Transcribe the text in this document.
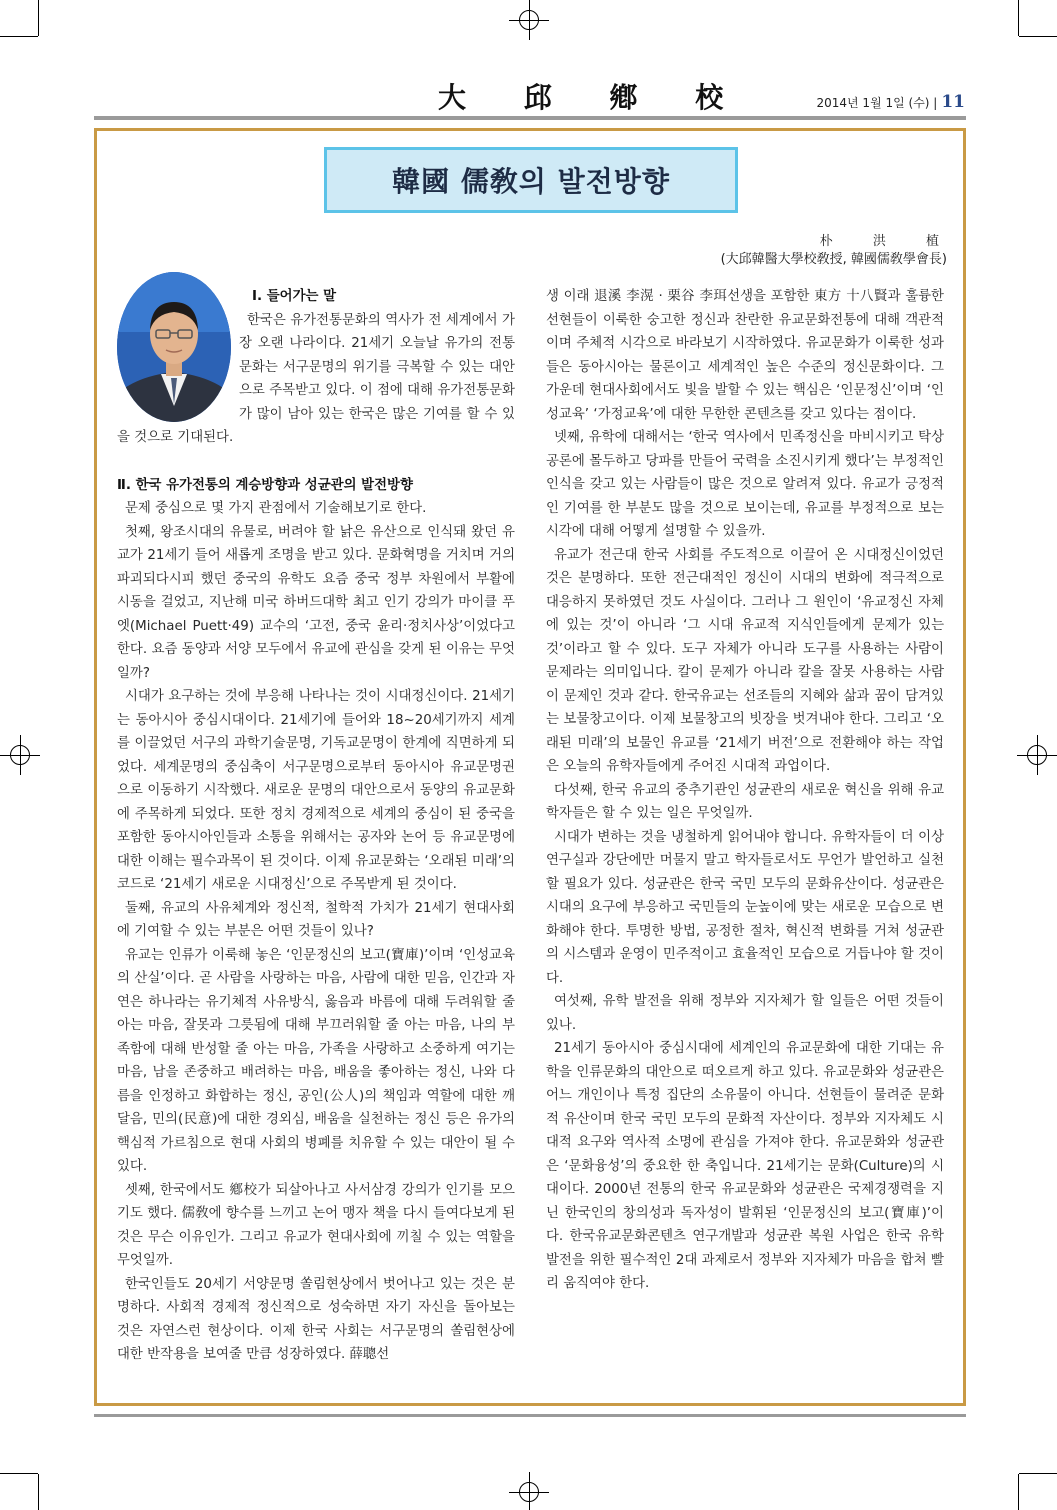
大 邱 鄕 校	2014년 1월 1일 (수) | 11
韓國 儒敎의 발전방향
朴 洪 植
(大邱韓醫大學校敎授, 韓國儒敎學會長)

Ⅰ. 들어가는 말

한국은 유가전통문화의 역사가 전 세계에서 가장 오랜 나라이다. 21세기 오늘날 유가의 전통문화는 서구문명의 위기를 극복할 수 있는 대안으로 주목받고 있다. 이 점에 대해 유가전통문화가 많이 남아 있는 한국은 많은 기여를 할 수 있을 것으로 기대된다.

Ⅱ. 한국 유가전통의 계승방향과 성균관의 발전방향

문제 중심으로 몇 가지 관점에서 기술해보기로 한다.

첫째, 왕조시대의 유물로, 버려야 할 낡은 유산으로 인식돼 왔던 유교가 21세기 들어 새롭게 조명을 받고 있다. 문화혁명을 거치며 거의 파괴되다시피 했던 중국의 유학도 요즘 중국 정부 차원에서 부활에 시동을 걸었고, 지난해 미국 하버드대학 최고 인기 강의가 마이클 푸엣(Michael Puett·49) 교수의 ‘고전, 중국 윤리·정치사상’이었다고 한다. 요즘 동양과 서양 모두에서 유교에 관심을 갖게 된 이유는 무엇일까?

시대가 요구하는 것에 부응해 나타나는 것이 시대정신이다. 21세기는 동아시아 중심시대이다. 21세기에 들어와 18~20세기까지 세계를 이끌었던 서구의 과학기술문명, 기독교문명이 한계에 직면하게 되었다. 세계문명의 중심축이 서구문명으로부터 동아시아 유교문명권으로 이동하기 시작했다. 새로운 문명의 대안으로서 동양의 유교문화에 주목하게 되었다. 또한 정치 경제적으로 세계의 중심이 된 중국을 포함한 동아시아인들과 소통을 위해서는 공자와 논어 등 유교문명에 대한 이해는 필수과목이 된 것이다. 이제 유교문화는 ‘오래된 미래’의 코드로 ‘21세기 새로운 시대정신’으로 주목받게 된 것이다.

둘째, 유교의 사유체계와 정신적, 철학적 가치가 21세기 현대사회에 기여할 수 있는 부분은 어떤 것들이 있나?

유교는 인류가 이룩해 놓은 ‘인문정신의 보고(寶庫)’이며 ‘인성교육의 산실’이다. 곧 사람을 사랑하는 마음, 사람에 대한 믿음, 인간과 자연은 하나라는 유기체적 사유방식, 옳음과 바름에 대해 두려워할 줄 아는 마음, 잘못과 그릇됨에 대해 부끄러워할 줄 아는 마음, 나의 부족함에 대해 반성할 줄 아는 마음, 가족을 사랑하고 소중하게 여기는 마음, 남을 존중하고 배려하는 마음, 배움을 좋아하는 정신, 나와 다름을 인정하고 화합하는 정신, 공인(公人)의 책임과 역할에 대한 깨달음, 민의(民意)에 대한 경외심, 배움을 실천하는 정신 등은 유가의 핵심적 가르침으로 현대 사회의 병폐를 치유할 수 있는 대안이 될 수 있다.

셋째, 한국에서도 鄕校가 되살아나고 사서삼경 강의가 인기를 모으기도 했다. 儒敎에 향수를 느끼고 논어 맹자 책을 다시 들여다보게 된 것은 무슨 이유인가. 그리고 유교가 현대사회에 끼칠 수 있는 역할을 무엇일까.

한국인들도 20세기 서양문명 쏠림현상에서 벗어나고 있는 것은 분명하다. 사회적 경제적 정신적으로 성숙하면 자기 자신을 돌아보는 것은 자연스런 현상이다. 이제 한국 사회는 서구문명의 쏠림현상에 대한 반작용을 보여줄 만큼 성장하였다. 薛聰선

생 이래 退溪 李滉 · 栗谷 李珥선생을 포함한 東方 十八賢과 훌륭한 선현들이 이룩한 숭고한 정신과 찬란한 유교문화전통에 대해 객관적이며 주체적 시각으로 바라보기 시작하였다. 유교문화가 이룩한 성과들은 동아시아는 물론이고 세계적인 높은 수준의 정신문화이다. 그 가운데 현대사회에서도 빛을 발할 수 있는 핵심은 ‘인문정신’이며 ‘인성교육’ ‘가정교육’에 대한 무한한 콘텐츠를 갖고 있다는 점이다.

넷째, 유학에 대해서는 ‘한국 역사에서 민족정신을 마비시키고 탁상공론에 몰두하고 당파를 만들어 국력을 소진시키게 했다’는 부정적인 인식을 갖고 있는 사람들이 많은 것으로 알려져 있다. 유교가 긍정적인 기여를 한 부분도 많을 것으로 보이는데, 유교를 부정적으로 보는 시각에 대해 어떻게 설명할 수 있을까.

유교가 전근대 한국 사회를 주도적으로 이끌어 온 시대정신이었던 것은 분명하다. 또한 전근대적인 정신이 시대의 변화에 적극적으로 대응하지 못하였던 것도 사실이다. 그러나 그 원인이 ‘유교정신 자체에 있는 것’이 아니라 ‘그 시대 유교적 지식인들에게 문제가 있는 것’이라고 할 수 있다. 도구 자체가 아니라 도구를 사용하는 사람이 문제라는 의미입니다. 칼이 문제가 아니라 칼을 잘못 사용하는 사람이 문제인 것과 같다. 한국유교는 선조들의 지혜와 삶과 꿈이 담겨있는 보물창고이다. 이제 보물창고의 빗장을 벗겨내야 한다. 그리고 ‘오래된 미래’의 보물인 유교를 ‘21세기 버전’으로 전환해야 하는 작업은 오늘의 유학자들에게 주어진 시대적 과업이다.

다섯째, 한국 유교의 중추기관인 성균관의 새로운 혁신을 위해 유교학자들은 할 수 있는 일은 무엇일까.

시대가 변하는 것을 냉철하게 읽어내야 합니다. 유학자들이 더 이상 연구실과 강단에만 머물지 말고 학자들로서도 무언가 발언하고 실천할 필요가 있다. 성균관은 한국 국민 모두의 문화유산이다. 성균관은 시대의 요구에 부응하고 국민들의 눈높이에 맞는 새로운 모습으로 변화해야 한다. 투명한 방법, 공정한 절차, 혁신적 변화를 거쳐 성균관의 시스템과 운영이 민주적이고 효율적인 모습으로 거듭나야 할 것이다.

여섯째, 유학 발전을 위해 정부와 지자체가 할 일들은 어떤 것들이 있나.

21세기 동아시아 중심시대에 세계인의 유교문화에 대한 기대는 유학을 인류문화의 대안으로 떠오르게 하고 있다. 유교문화와 성균관은 어느 개인이나 특정 집단의 소유물이 아니다. 선현들이 물려준 문화적 유산이며 한국 국민 모두의 문화적 자산이다. 정부와 지자체도 시대적 요구와 역사적 소명에 관심을 가져야 한다. 유교문화와 성균관은 ‘문화융성’의 중요한 한 축입니다. 21세기는 문화(Culture)의 시대이다. 2000년 전통의 한국 유교문화와 성균관은 국제경쟁력을 지닌 한국인의 창의성과 독자성이 발휘된 ‘인문정신의 보고(寶庫)’이다. 한국유교문화콘텐츠 연구개발과 성균관 복원 사업은 한국 유학 발전을 위한 필수적인 2대 과제로서 정부와 지자체가 마음을 합쳐 빨리 움직여야 한다.
